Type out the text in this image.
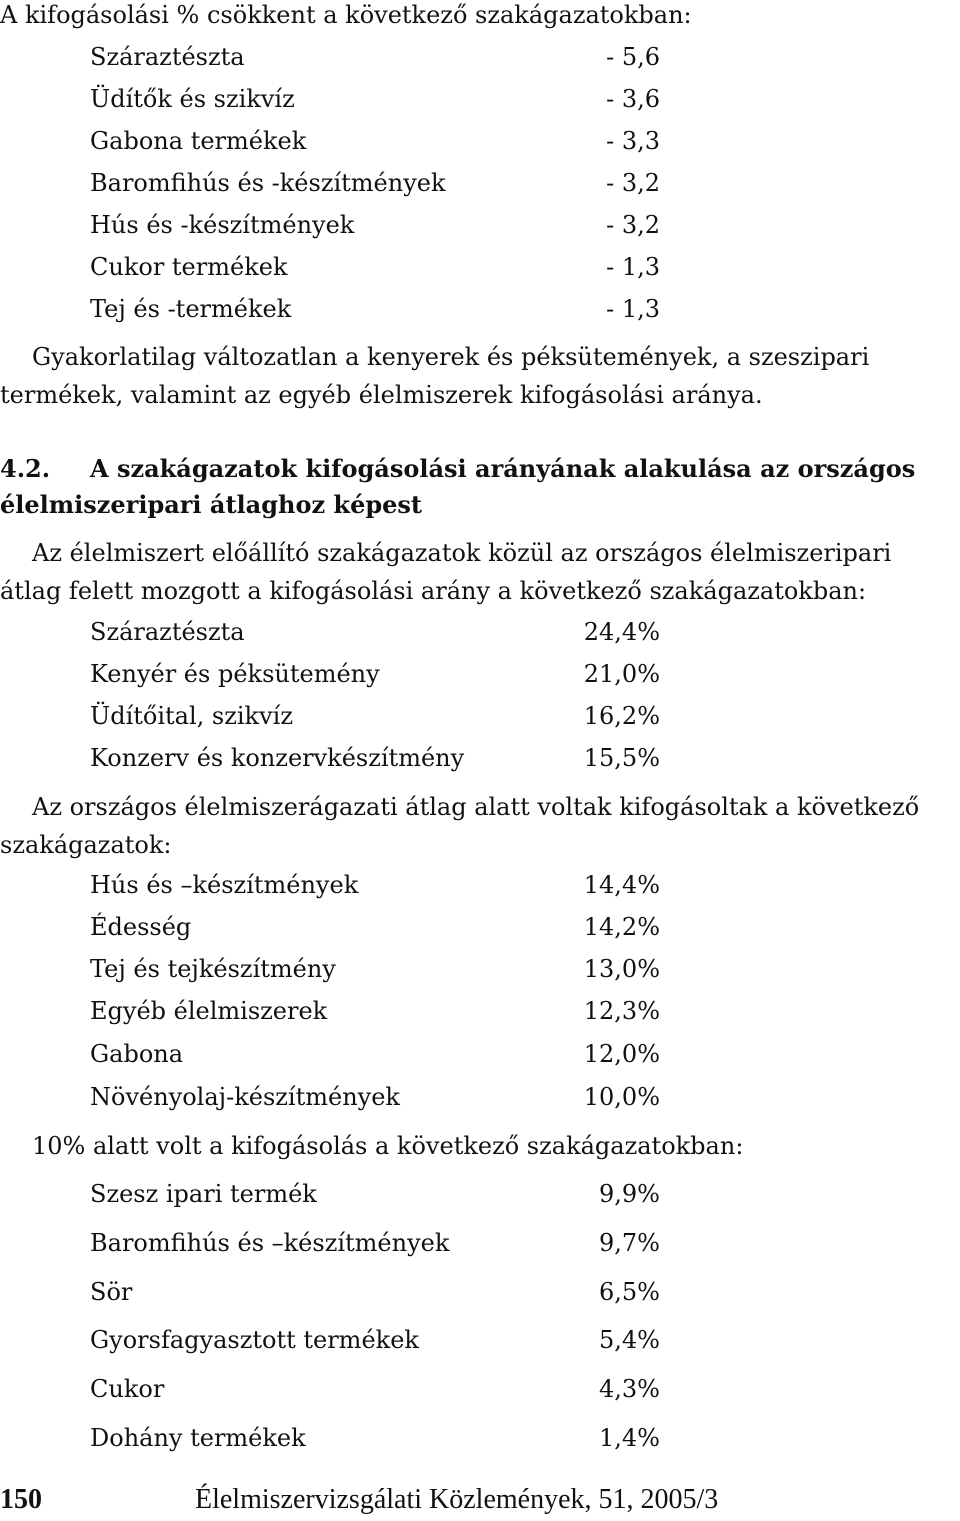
A kifogásolási % csökkent a következő szakágazatokban:
Száraztészta	- 5,6
Üdítők és szikvíz	- 3,6
Gabona termékek	- 3,3
Baromfihús és -készítmények	- 3,2
Hús és -készítmények	- 3,2
Cukor termékek	- 1,3
Tej és -termékek	- 1,3
Gyakorlatilag változatlan a kenyerek és péksütemények, a szeszipari
termékek, valamint az egyéb élelmiszerek kifogásolási aránya.
4.2. A szakágazatok kifogásolási arányának alakulása az országos
élelmiszeripari átlaghoz képest
Az élelmiszert előállító szakágazatok közül az országos élelmiszeripari
átlag felett mozgott a kifogásolási arány a következő szakágazatokban:
Száraztészta	24,4%
Kenyér és péksütemény	21,0%
Üdítőital, szikvíz	16,2%
Konzerv és konzervkészítmény	15,5%
Az országos élelmiszerágazati átlag alatt voltak kifogásoltak a következő
szakágazatok:
Hús és –készítmények	14,4%
Édesség	14,2%
Tej és tejkészítmény	13,0%
Egyéb élelmiszerek	12,3%
Gabona	12,0%
Növényolaj-készítmények	10,0%
10% alatt volt a kifogásolás a következő szakágazatokban:
Szesz ipari termék	9,9%
Baromfihús és –készítmények	9,7%
Sör	6,5%
Gyorsfagyasztott termékek	5,4%
Cukor	4,3%
Dohány termékek	1,4%
150	Élelmiszervizsgálati Közlemények, 51, 2005/3
